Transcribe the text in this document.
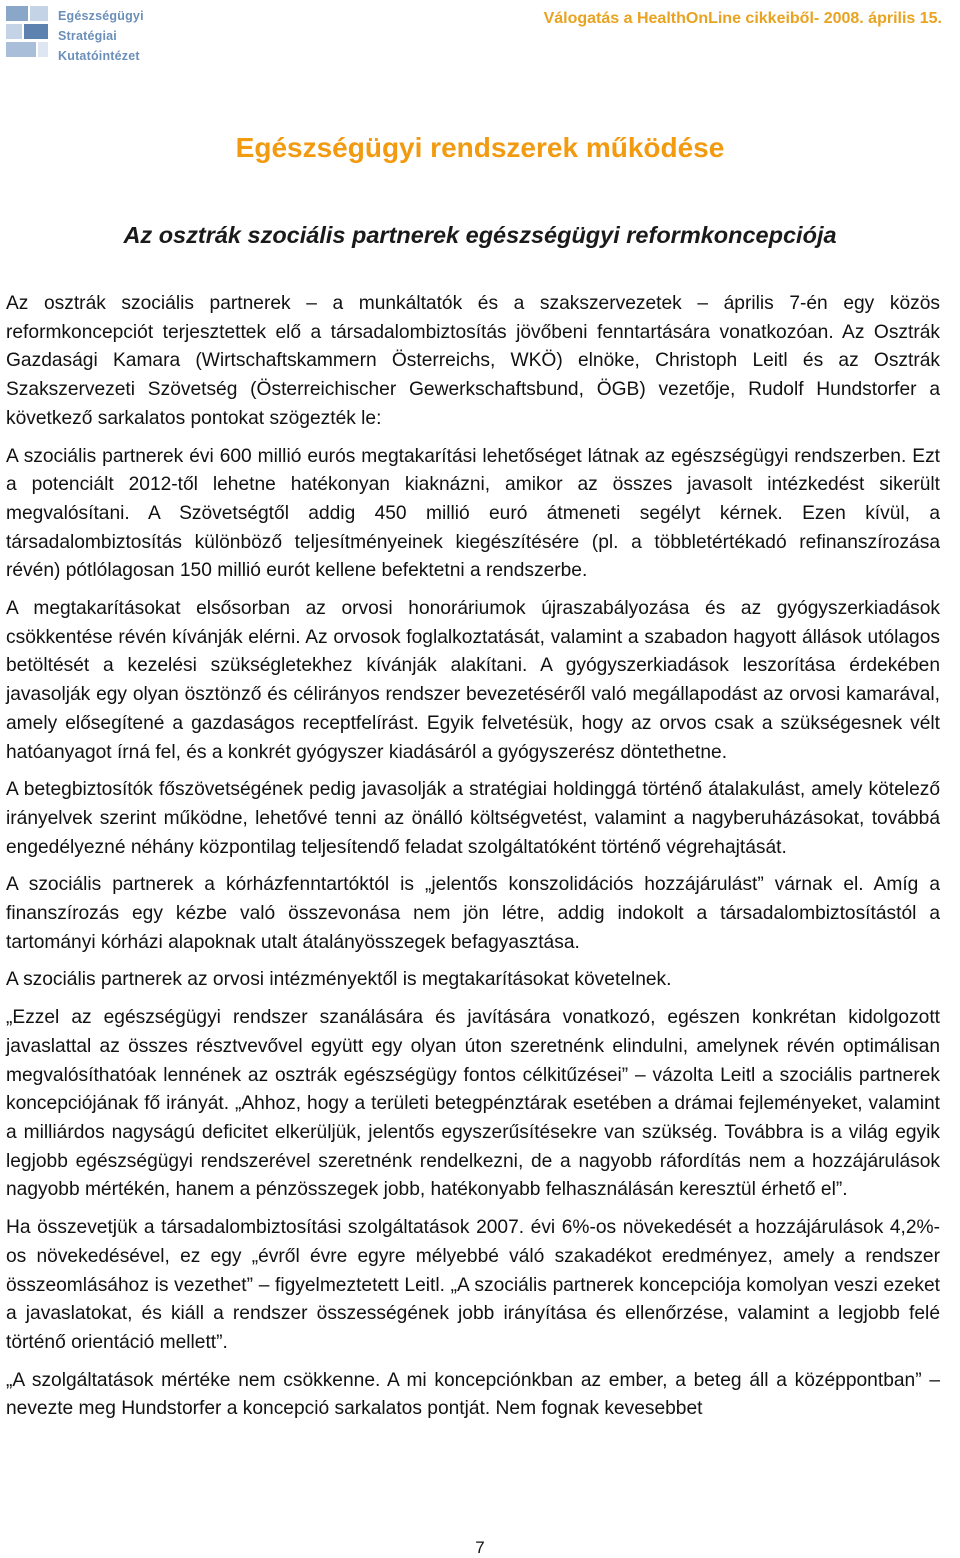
Egészségügyi
Stratégiai
Kutatóintézet
Válogatás a HealthOnLine cikkeiből- 2008. április 15.
Egészségügyi rendszerek működése
Az osztrák szociális partnerek egészségügyi reformkoncepciója

Az osztrák szociális partnerek – a munkáltatók és a szakszervezetek – április 7-én egy közös reformkoncepciót terjesztettek elő a társadalombiztosítás jövőbeni fenntartására vonatkozóan. Az Osztrák Gazdasági Kamara (Wirtschaftskammern Österreichs, WKÖ) elnöke, Christoph Leitl és az Osztrák Szakszervezeti Szövetség (Österreichischer Gewerkschaftsbund, ÖGB) vezetője, Rudolf Hundstorfer a következő sarkalatos pontokat szögezték le:

A szociális partnerek évi 600 millió eurós megtakarítási lehetőséget látnak az egészségügyi rendszerben. Ezt a potenciált 2012-től lehetne hatékonyan kiaknázni, amikor az összes javasolt intézkedést sikerült megvalósítani. A Szövetségtől addig 450 millió euró átmeneti segélyt kérnek. Ezen kívül, a társadalombiztosítás különböző teljesítményeinek kiegészítésére (pl. a többletértékadó refinanszírozása révén) pótlólagosan 150 millió eurót kellene befektetni a rendszerbe.

A megtakarításokat elsősorban az orvosi honoráriumok újraszabályozása és az gyógyszerkiadások csökkentése révén kívánják elérni. Az orvosok foglalkoztatását, valamint a szabadon hagyott állások utólagos betöltését a kezelési szükségletekhez kívánják alakítani. A gyógyszerkiadások leszorítása érdekében javasolják egy olyan ösztönző és célirányos rendszer bevezetéséről való megállapodást az orvosi kamarával, amely elősegítené a gazdaságos receptfelírást. Egyik felvetésük, hogy az orvos csak a szükségesnek vélt hatóanyagot írná fel, és a konkrét gyógyszer kiadásáról a gyógyszerész döntethetne.

A betegbiztosítók főszövetségének pedig javasolják a stratégiai holdinggá történő átalakulást, amely kötelező irányelvek szerint működne, lehetővé tenni az önálló költségvetést, valamint a nagyberuházásokat, továbbá engedélyezné néhány központilag teljesítendő feladat szolgáltatóként történő végrehajtását.

A szociális partnerek a kórházfenntartóktól is „jelentős konszolidációs hozzájárulást” várnak el. Amíg a finanszírozás egy kézbe való összevonása nem jön létre, addig indokolt a társadalombiztosítástól a tartományi kórházi alapoknak utalt átalányösszegek befagyasztása.

A szociális partnerek az orvosi intézményektől is megtakarításokat követelnek.

„Ezzel az egészségügyi rendszer szanálására és javítására vonatkozó, egészen konkrétan kidolgozott javaslattal az összes résztvevővel együtt egy olyan úton szeretnénk elindulni, amelynek révén optimálisan megvalósíthatóak lennének az osztrák egészségügy fontos célkitűzései” – vázolta Leitl a szociális partnerek koncepciójának fő irányát. „Ahhoz, hogy a területi betegpénztárak esetében a drámai fejleményeket, valamint a milliárdos nagyságú deficitet elkerüljük, jelentős egyszerűsítésekre van szükség. Továbbra is a világ egyik legjobb egészségügyi rendszerével szeretnénk rendelkezni, de a nagyobb ráfordítás nem a hozzájárulások nagyobb mértékén, hanem a pénzösszegek jobb, hatékonyabb felhasználásán keresztül érhető el”.

Ha összevetjük a társadalombiztosítási szolgáltatások 2007. évi 6%-os növekedését a hozzájárulások 4,2%-os növekedésével, ez egy „évről évre egyre mélyebbé váló szakadékot eredményez, amely a rendszer összeomlásához is vezethet” – figyelmeztetett Leitl. „A szociális partnerek koncepciója komolyan veszi ezeket a javaslatokat, és kiáll a rendszer összességének jobb irányítása és ellenőrzése, valamint a legjobb felé történő orientáció mellett”.

„A szolgáltatások mértéke nem csökkenne. A mi koncepciónkban az ember, a beteg áll a középpontban” – nevezte meg Hundstorfer a koncepció sarkalatos pontját. Nem fognak kevesebbet

7
